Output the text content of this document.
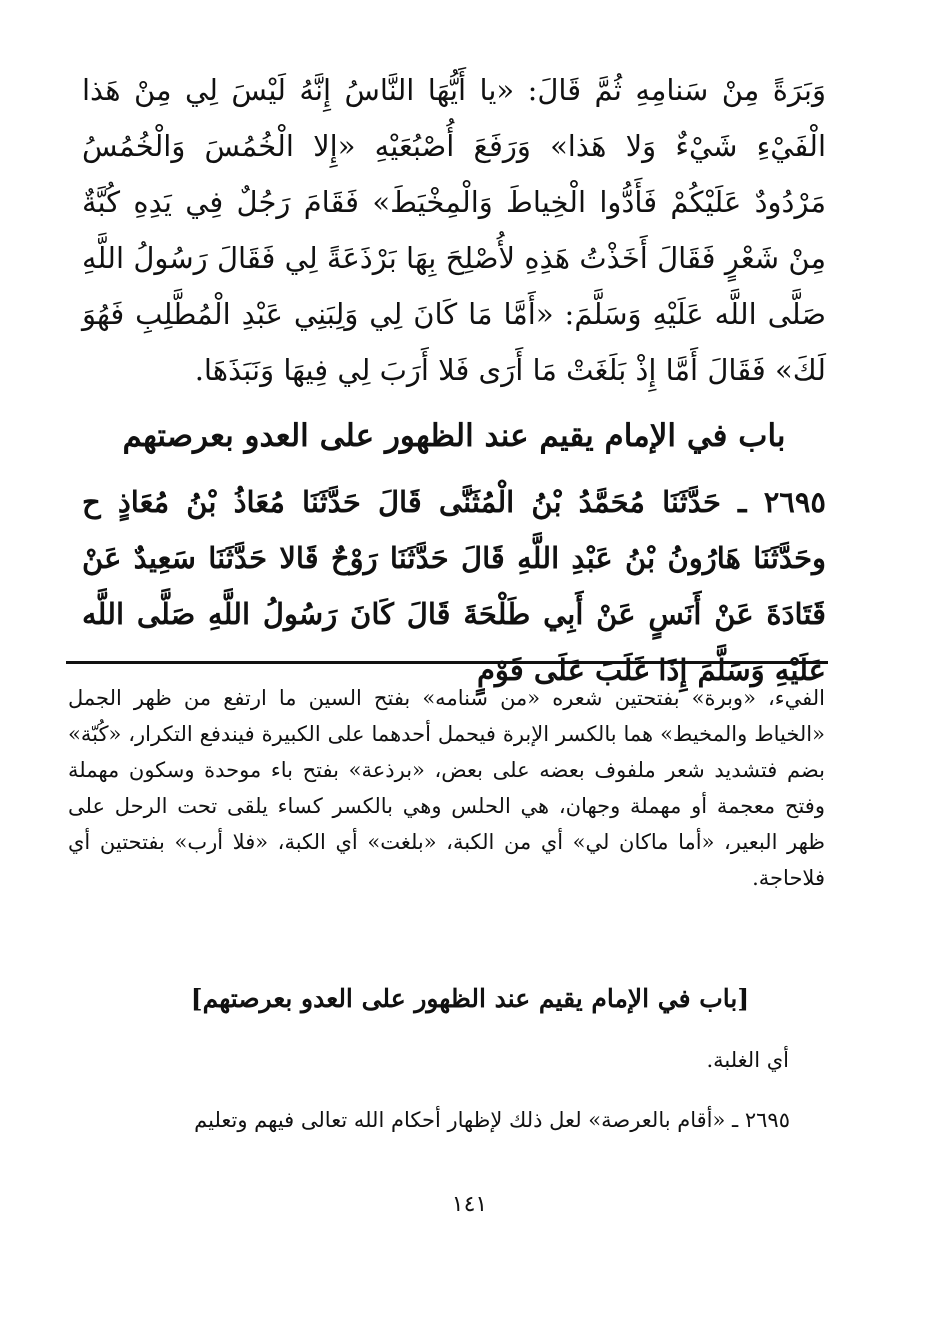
وَبَرَةً مِنْ سَنامِهِ ثُمَّ قَالَ: «يا أَيُّهَا النَّاسُ إِنَّهُ لَيْسَ لِي مِنْ هَذا الْفَيْءِ شَيْءٌ وَلا هَذا» وَرَفَعَ أُصْبُعَيْهِ «إِلا الْخُمُسَ وَالْخُمُسُ مَرْدُودٌ عَلَيْكُمْ فَأَدُّوا الْخِياطَ وَالْمِخْيَطَ» فَقَامَ رَجُلٌ فِي يَدِهِ كُبَّةٌ مِنْ شَعْرٍ فَقَالَ أَخَذْتُ هَذِهِ لأُصْلِحَ بِهَا بَرْذَعَةً لِي فَقَالَ رَسُولُ اللَّهِ صَلَّى اللَّه عَلَيْهِ وَسَلَّمَ: «أَمَّا مَا كَانَ لِي وَلِبَنِي عَبْدِ الْمُطَّلِبِ فَهُوَ لَكَ» فَقَالَ أَمَّا إِذْ بَلَغَتْ مَا أَرَى فَلا أَرَبَ لِي فِيهَا وَنَبَذَهَا.

باب في الإمام يقيم عند الظهور على العدو بعرصتهم

٢٦٩٥ ـ حَدَّثَنَا مُحَمَّدُ بْنُ الْمُثَنَّى قَالَ حَدَّثَنَا مُعَاذُ بْنُ مُعَاذٍ ح وحَدَّثَنَا هَارُونُ بْنُ عَبْدِ اللَّهِ قَالَ حَدَّثَنَا رَوْحٌ قَالا حَدَّثَنَا سَعِيدٌ عَنْ قَتَادَةَ عَنْ أَنَسٍ عَنْ أَبِي طَلْحَةَ قَالَ كَانَ رَسُولُ اللَّهِ صَلَّى اللَّه عَلَيْهِ وَسَلَّمَ إِذَا غَلَبَ عَلَى قَوْمٍ

الفيء، «وبرة» بفتحتين شعره «من سنامه» بفتح السين ما ارتفع من ظهر الجمل «الخياط والمخيط» هما بالكسر الإبرة فيحمل أحدهما على الكبيرة فيندفع التكرار، «كُبّة» بضم فتشديد شعر ملفوف بعضه على بعض، «برذعة» بفتح باء موحدة وسكون مهملة وفتح معجمة أو مهملة وجهان، هي الحلس وهي بالكسر كساء يلقى تحت الرحل على ظهر البعير، «أما ماكان لي» أي من الكبة، «بلغت» أي الكبة، «فلا أرب» بفتحتين أي فلاحاجة.

[باب في الإمام يقيم عند الظهور على العدو بعرصتهم]
أي الغلبة.
٢٦٩٥ ـ «أقام بالعرصة» لعل ذلك لإظهار أحكام الله تعالى فيهم وتعليم
١٤١
